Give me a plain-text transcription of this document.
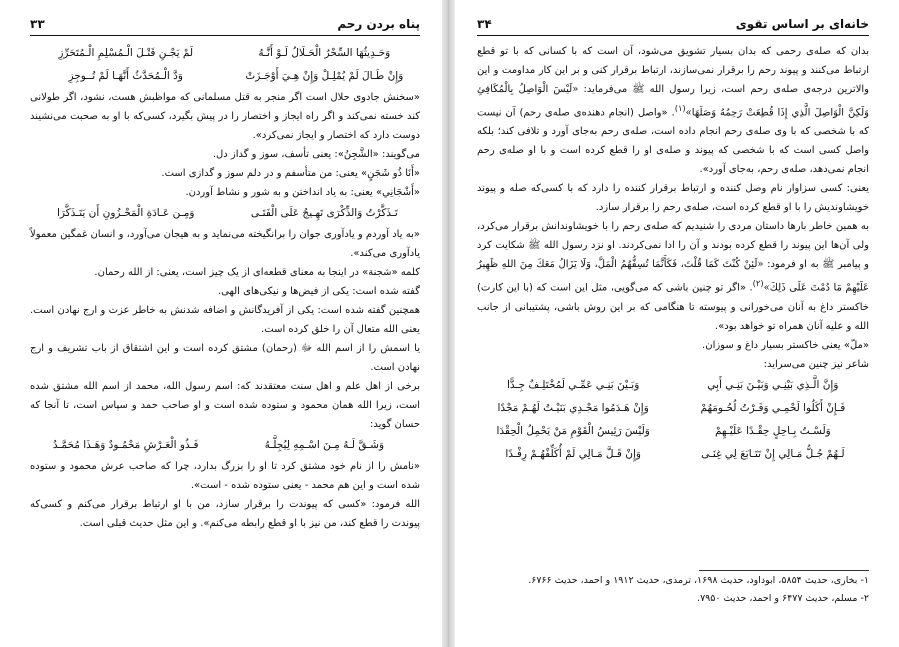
پناه بردن رحم
۳۳
وَحَـدِيثُهَا السِّحْرُ الْحَـلَالُ لَـوْ أَنَّـهُ
لَمْ يَجْـنِ قَتْـلَ الْـمُسْلِمِ الْـمُتَحَرِّزِ
وَإِنْ طَـالَ لَمْ يُمْلِـلْ وَإِنْ هِـيَ أَوْجَـزَتْ
وَدَّ الْـمُحَدَّثُ أَنَّهَـا لَمْ تُــوجِزِ

«سخنش جادوی حلال است اگر منجر به قتل مسلمانی که مواظبش هست، نشود، اگر طولانی کند خسته نمی‌کند و اگر راه ایجاز و اختصار را در پیش بگیرد، کسی‌که با او به صحبت می‌نشیند دوست دارد که اختصار و ایجاز نمی‌کرد».

می‌گویند: «الشَّجِنُ»: یعنی تأسف، سوز و گداز دل.

«أَنَا ذُو شَجَنٍ» یعنی: من متأسفم و در دلم سوز و گدازی است.

«أَشْجَانِي» یعنی: به یاد انداختن و به شور و نشاط آوردن.

تَـذَكَّرْتُ وَالذِّكْرَى تَهِـيجُ عَلَى الْفَتَـى
وَمِـن عَـادَةِ الْمَحْـزُونِ أَن يَتَـذَكَّرَا

«به یاد آوردم و یادآوری جوان را برانگیخته می‌نماید و به هیجان می‌آورد، و انسان غمگین معمولاً یادآوری می‌کند».

کلمه «شجنة» در اینجا به معنای قطعه‌ای از یک چیز است، یعنی: از الله رحمان.

گفته شده است: یکی از فیض‌ها و نیکی‌های الهی.

همچنین گفته شده است: یکی از آفریدگانش و اضافه شدنش به خاطر عزت و ارج نهادن است. یعنی الله متعال آن را خلق کرده است.

یا اسمش را از اسم الله ﷻ (رحمان) مشتق کرده است و این اشتقاق از باب تشریف و ارج نهادن است.

برخی از اهل علم و اهل سنت معتقدند که: اسم رسول الله، محمد از اسم الله مشتق شده است، زیرا الله همان محمود و ستوده شده است و او صاحب حمد و سپاس است، تا آنجا که حسان گوید:

وَشَـقَّ لَـهُ مِـنَ اسْـمِهِ لِيُجِلَّـهُ
فَـذُو الْعَـرْشِ مَحْمُـودٌ وَهَـذَا مُحَمَّـدُ

«نامش را از نام خود مشتق کرد تا او را بزرگ بدارد، چرا که صاحب عرش محمود و ستوده شده است و این هم محمد - یعنی ستوده شده - است».

الله فرمود: «کسی که پیوندت را برقرار سازد، من با او ارتباط برقرار می‌کنم و کسی‌که پیوندت را قطع کند، من نیز با او قطع رابطه می‌کنم». و این مثل حدیث قبلی است.

خانه‌ای بر اساس تقوی
۳۴

بدان که صله‌ی رحمی که بدان بسیار تشویق می‌شود، آن است که با کسانی که با تو قطع ارتباط می‌کنند و پیوند رحم را برقرار نمی‌سازند، ارتباط برقرار کنی و بر این کار مداومت و این والاترین درجه‌ی صله‌ی رحم است، زیرا رسول الله ﷺ می‌فرماید: «لَيْسَ الْوَاصِلُ بِالْمُكَافِئِ وَلَكِنَّ الْوَاصِلَ الَّذِي إِذَا قُطِعَتْ رَحِمُهُ وَصَلَهَا»$^{(۱)}$. «واصل (انجام دهنده‌ی صله‌ی رحم) آن نیست که با شخصی که با وی صله‌ی رحم انجام داده است، صله‌ی رحم به‌جای آورد و تلافی کند؛ بلکه واصل کسی است که با شخصی که پیوند و صله‌ی او را قطع کرده است و با او صله‌ی رحم انجام نمی‌دهد، صله‌ی رحم، به‌جای آورد».

یعنی: کسی سزاوار نام وصل کننده و ارتباط برقرار کننده را دارد که با کسی‌که صله و پیوند خویشاوندیش را با او قطع کرده است، صله‌ی رحم را برقرار سازد.

به همین خاطر بارها داستان مردی را شنیدیم که صله‌ی رحم را با خویشاوندانش برقرار می‌کرد، ولی آن‌ها این پیوند را قطع کرده بودند و آن را ادا نمی‌کردند. او نزد رسول الله ﷺ شکایت کرد و پیامبر ﷺ به او فرمود: «لَئِنْ كُنْتَ كَمَا قُلْتَ، فَكَأَنَّمَا تُسِفُّهُمُ الْمَلَّ، وَلَا يَزَالُ مَعَكَ مِنَ اللهِ ظَهِيرٌ عَلَيْهِمْ مَا دُمْتَ عَلَى ذَلِكَ»$^{(۲)}$. «اگر تو چنین باشی که می‌گویی، مثل این است که (با این کارت) خاکستر داغ به آنان می‌خورانی و پیوسته تا هنگامی که بر این روش باشی، پشتیبانی از جانب الله و علیه آنان همراه تو خواهد بود».

«ملّ» یعنی خاکستر بسیار داغ و سوزان.

شاعر نیز چنین می‌سراید:

وَإِنَّ الَّـذِي بَيْنِـي وَبَيْـنَ بَنِـي أَبِي
وَبَـيْنَ بَنِـي عَمِّـي لَمُخْتَلِـفٌ جِـدًّا
فَـإِنْ أَكَلُوا لَحْمِـي وَفَـرْتُ لُحُـومَهُمْ
وَإِنْ هَـدَمُوا مَجْـدِي بَنَيْـتُ لَهُـمْ مَجْدًا
وَلَسْـتُ بِـاحِلٍ حِقْـدًا عَلَيْـهِمْ
وَلَيْسَ رَئِيسُ الْقَوْمِ مَنْ يَحْمِلُ الْحِقْدَا
لَـهُمْ جُـلُّ مَـالِي إِنْ تَتَـابَعَ لِي غِنَـى
وَإِنْ قَـلَّ مَـالِي لَمْ أُكَلِّفْهُـمْ رِفْـدًا
۱- بخاری، حدیث ۵۸۵۴، ابوداود، حدیث ۱۶۹۸، ترمذی، حدیث ۱۹۱۲ و احمد، حدیث ۶۷۶۶.
۲- مسلم، حدیث ۶۴۷۷ و احمد، حدیث ۷۹۵۰.
